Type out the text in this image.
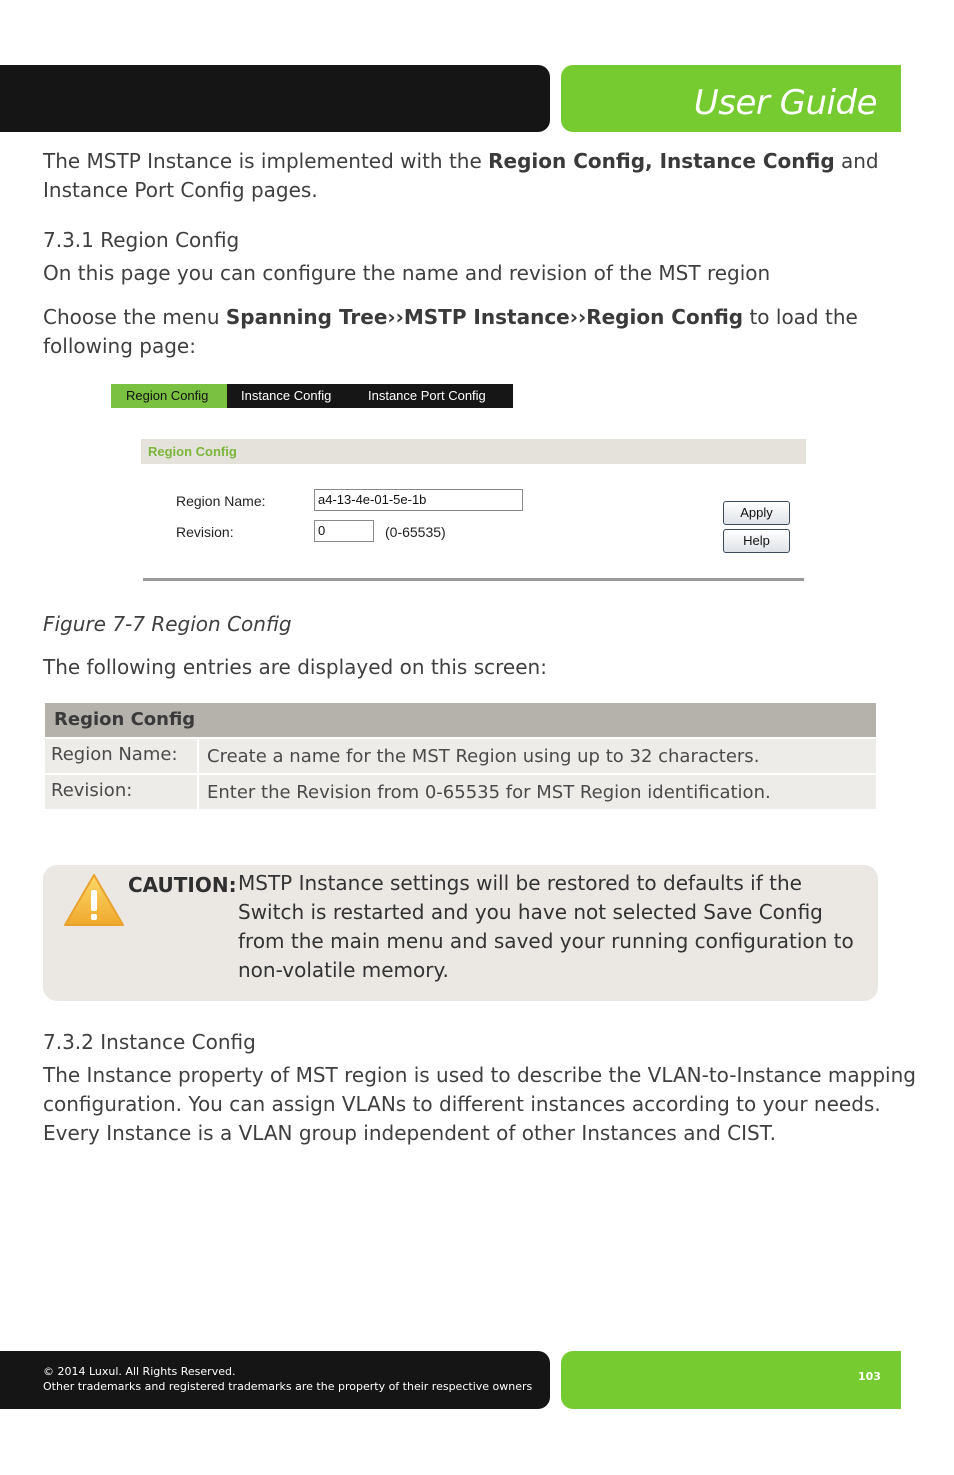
User Guide
The MSTP Instance is implemented with the Region Config, Instance Config and
Instance Port Config pages.
7.3.1 Region Config
On this page you can configure the name and revision of the MST region
Choose the menu Spanning Tree››MSTP Instance››Region Config to load the
following page:
Region Config	Instance Config	Instance Port Config
Region Config
Region Name:	a4-13-4e-01-5e-1b
Revision:	0	(0-65535)
Apply
Help
Figure 7-7 Region Config
The following entries are displayed on this screen:
Region Config
Region Name: Create a name for the MST Region using up to 32 characters.
Revision:	Enter the Revision from 0-65535 for MST Region identification.
CAUTION: MSTP Instance settings will be restored to defaults if the
Switch is restarted and you have not selected Save Config
from the main menu and saved your running configuration to
non-volatile memory.
7.3.2 Instance Config
The Instance property of MST region is used to describe the VLAN-to-Instance mapping
configuration. You can assign VLANs to different instances according to your needs.
Every Instance is a VLAN group independent of other Instances and CIST.
© 2014 Luxul. All Rights Reserved.
Other trademarks and registered trademarks are the property of their respective owners
103
